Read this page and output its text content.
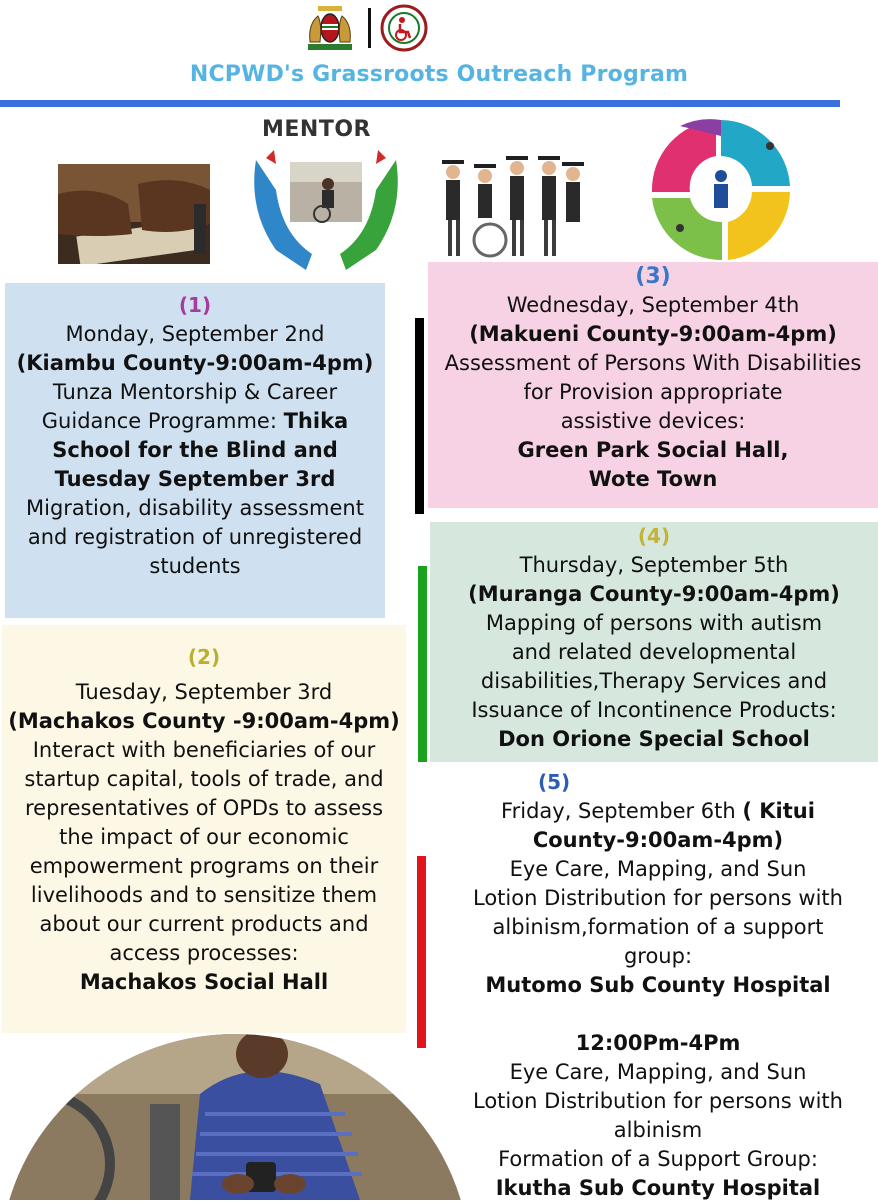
NCPWD's Grassroots Outreach Program
MENTOR
(1)
Monday, September 2nd
(Kiambu County-9:00am-4pm)
Tunza Mentorship & Career
Guidance Programme: Thika
School for the Blind and
Tuesday September 3rd
Migration, disability assessment
and registration of unregistered
students
(2)
Tuesday, September 3rd
(Machakos County -9:00am-4pm)
Interact with beneficiaries of our
startup capital, tools of trade, and
representatives of OPDs to assess
the impact of our economic
empowerment programs on their
livelihoods and to sensitize them
about our current products and
access processes:
Machakos Social Hall
(3)
Wednesday, September 4th
(Makueni County-9:00am-4pm)
Assessment of Persons With Disabilities
for Provision appropriate
assistive devices:
Green Park Social Hall,
Wote Town
(4)
Thursday, September 5th
(Muranga County-9:00am-4pm)
Mapping of persons with autism
and related developmental
disabilities,Therapy Services and
Issuance of Incontinence Products:
Don Orione Special School
(5)
Friday, September 6th ( Kitui
County-9:00am-4pm)
Eye Care, Mapping, and Sun
Lotion Distribution for persons with
albinism,formation of a support
group:
Mutomo Sub County Hospital

12:00Pm-4Pm
Eye Care, Mapping, and Sun
Lotion Distribution for persons with
albinism
Formation of a Support Group:
Ikutha Sub County Hospital
